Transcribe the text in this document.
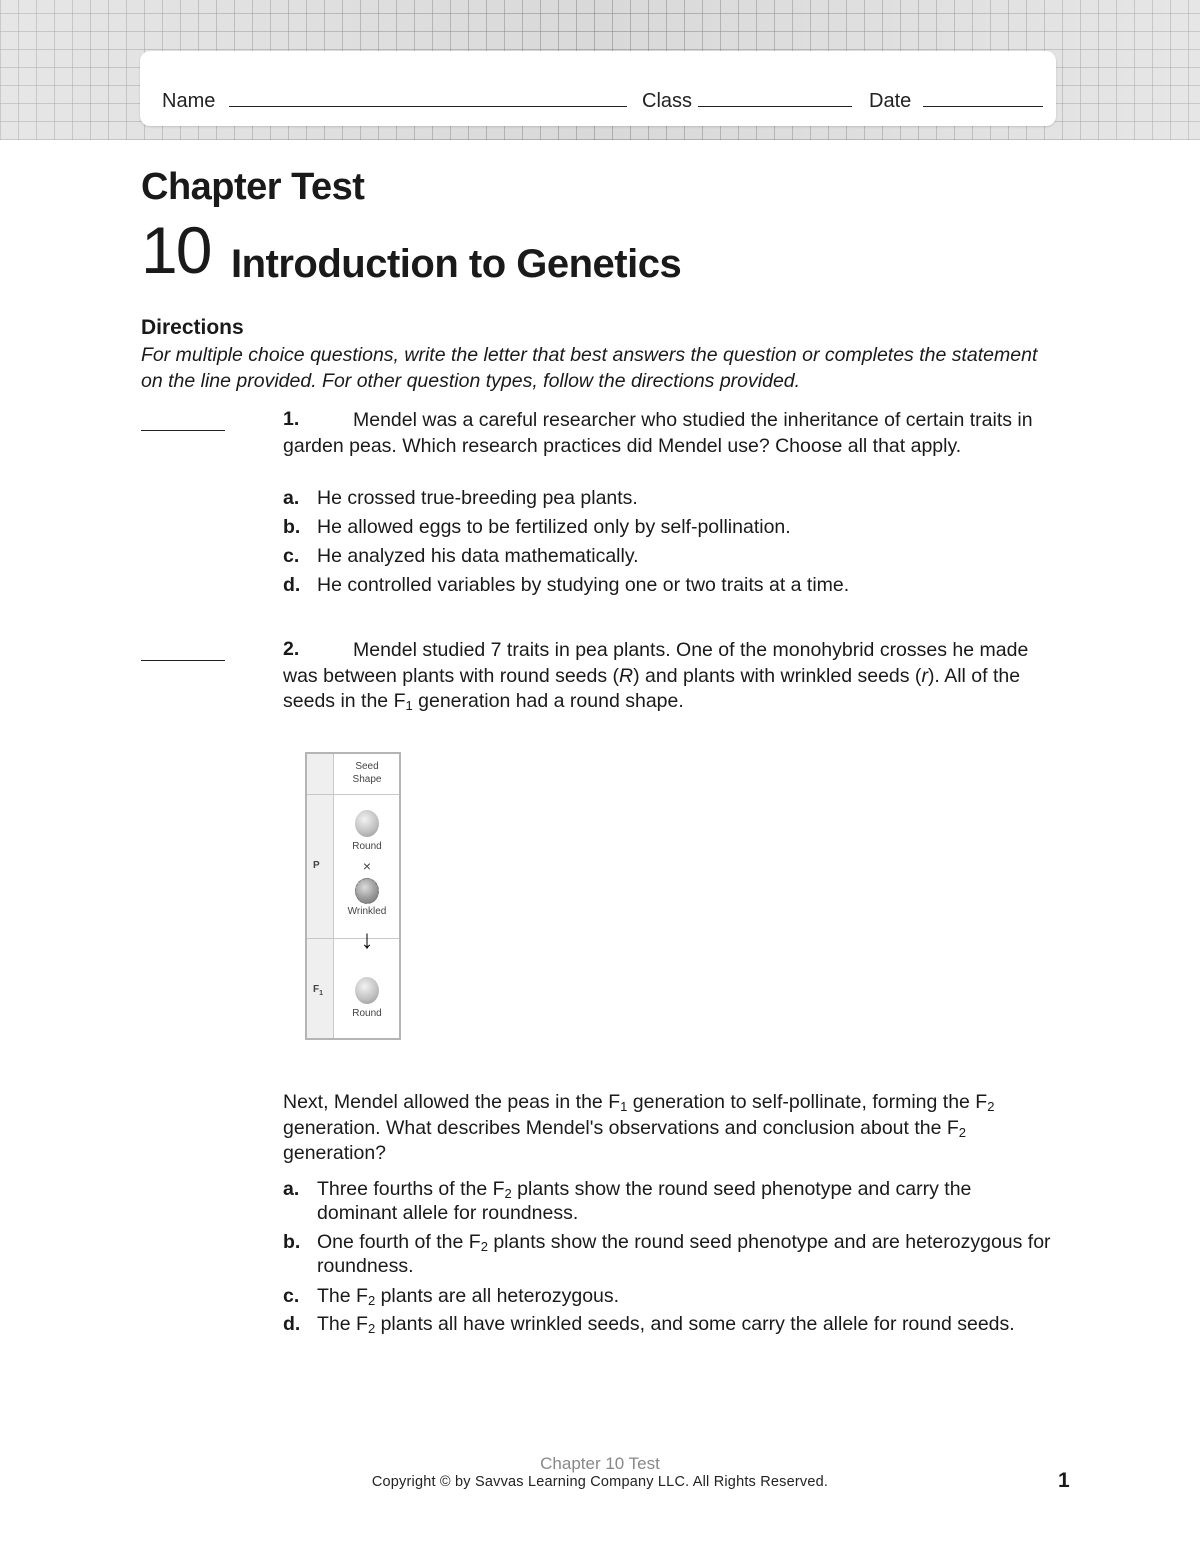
Name	Class	Date
Chapter Test
10 Introduction to Genetics
Directions
For multiple choice questions, write the letter that best answers the question or completes the statement on the line provided. For other question types, follow the directions provided.
1.	Mendel was a careful researcher who studied the inheritance of certain traits in garden peas. Which research practices did Mendel use? Choose all that apply.

a. He crossed true-breeding pea plants.
b. He allowed eggs to be fertilized only by self-pollination.
c. He analyzed his data mathematically.
d. He controlled variables by studying one or two traits at a time.
2.	Mendel studied 7 traits in pea plants. One of the monohybrid crosses he made was between plants with round seeds (R) and plants with wrinkled seeds (r). All of the seeds in the $F_1$ generation had a round shape.

Seed
Shape
P
$F_1$
Round
×
Wrinkled
↓
Round
Next, Mendel allowed the peas in the $F_1$ generation to self-pollinate, forming the $F_2$ generation. What describes Mendel's observations and conclusion about the $F_2$ generation?
a. Three fourths of the $F_2$ plants show the round seed phenotype and carry the dominant allele for roundness.
b. One fourth of the $F_2$ plants show the round seed phenotype and are heterozygous for roundness.
c. The $F_2$ plants are all heterozygous.
d. The $F_2$ plants all have wrinkled seeds, and some carry the allele for round seeds.
Chapter 10 Test
Copyright © by Savvas Learning Company LLC. All Rights Reserved.	1
